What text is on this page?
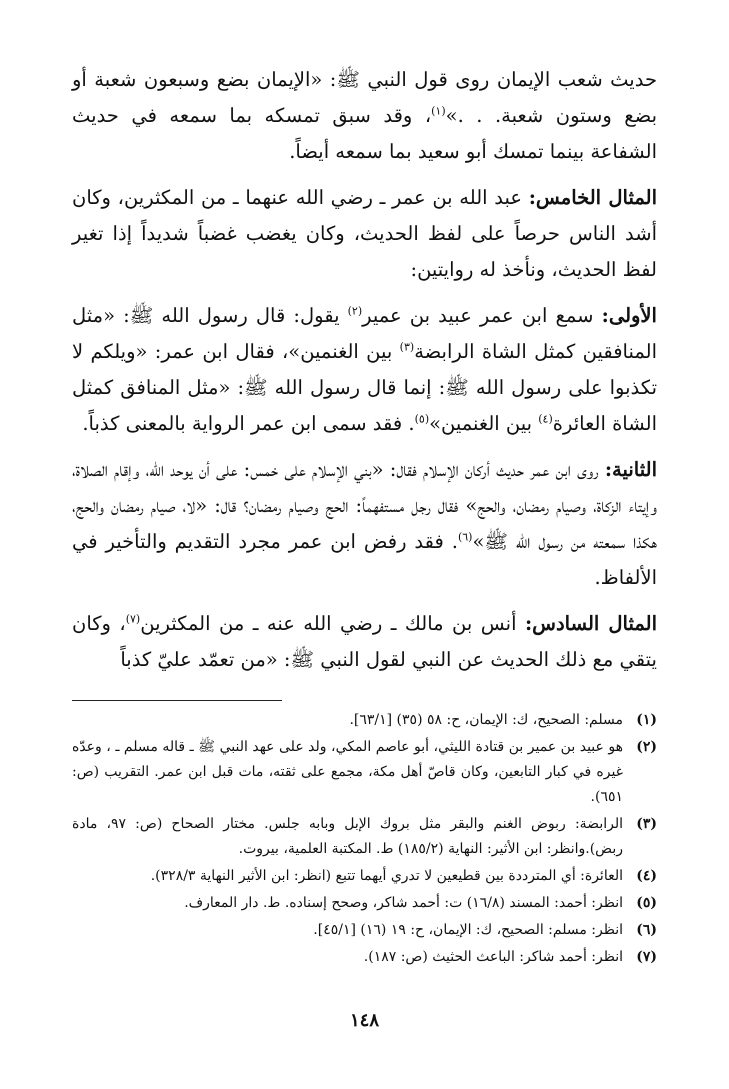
حديث شعب الإيمان روى قول النبي ﷺ: «الإيمان بضع وسبعون شعبة أو بضع وستون شعبة. . .»$^{(١)}$، وقد سبق تمسكه بما سمعه في حديث الشفاعة بينما تمسك أبو سعيد بما سمعه أيضاً.

المثال الخامس: عبد الله بن عمر ـ رضي الله عنهما ـ من المكثرين، وكان أشد الناس حرصاً على لفظ الحديث، وكان يغضب غضباً شديداً إذا تغير لفظ الحديث، ونأخذ له روايتين:

الأولى: سمع ابن عمر عبيد بن عمير$^{(٢)}$ يقول: قال رسول الله ﷺ: «مثل المنافقين كمثل الشاة الرابضة$^{(٣)}$ بين الغنمين»، فقال ابن عمر: «ويلكم لا تكذبوا على رسول الله ﷺ: إنما قال رسول الله ﷺ: «مثل المنافق كمثل الشاة العائرة$^{(٤)}$ بين الغنمين»$^{(٥)}$. فقد سمى ابن عمر الرواية بالمعنى كذباً.

الثانية: روى ابن عمر حديث أركان الإسلام فقال: «بني الإسلام على خمس: على أن يوحد الله، وإقام الصلاة، وإيتاء الزكاة، وصيام رمضان، والحج» فقال رجل مستفهماً: الحج وصيام رمضان؟ قال: «لا، صيام رمضان والحج، هكذا سمعته من رسول الله ﷺ»$^{(٦)}$. فقد رفض ابن عمر مجرد التقديم والتأخير في الألفاظ.

المثال السادس: أنس بن مالك ـ رضي الله عنه ـ من المكثرين$^{(٧)}$، وكان يتقي مع ذلك الحديث عن النبي لقول النبي ﷺ: «من تعمّد عليّ كذباً

(١)
مسلم: الصحيح، ك: الإيمان، ح: ٥٨ (٣٥) [٦٣/١].
(٢)
هو عبيد بن عمير بن قتادة الليثي، أبو عاصم المكي، ولد على عهد النبي ﷺ ـ قاله مسلم ـ ، وعدّه غيره في كبار التابعين، وكان قاصّ أهل مكة، مجمع على ثقته، مات قبل ابن عمر. التقريب (ص: ٦٥١).
(٣)
الرابضة: ربوض الغنم والبقر مثل بروك الإبل وبابه جلس. مختار الصحاح (ص: ٩٧، مادة ربض).وانظر: ابن الأثير: النهاية (١٨٥/٢) ط. المكتبة العلمية، بيروت.
(٤)
العائرة: أي المترددة بين قطيعين لا تدري أيهما تتبع (انظر: ابن الأثير النهاية ٣٢٨/٣).
(٥)
انظر: أحمد: المسند (١٦/٨) ت: أحمد شاكر، وصحح إسناده. ط. دار المعارف.
(٦)
انظر: مسلم: الصحيح، ك: الإيمان، ح: ١٩ (١٦) [٤٥/١].
(٧)
انظر: أحمد شاكر: الباعث الحثيث (ص: ١٨٧).
١٤٨
